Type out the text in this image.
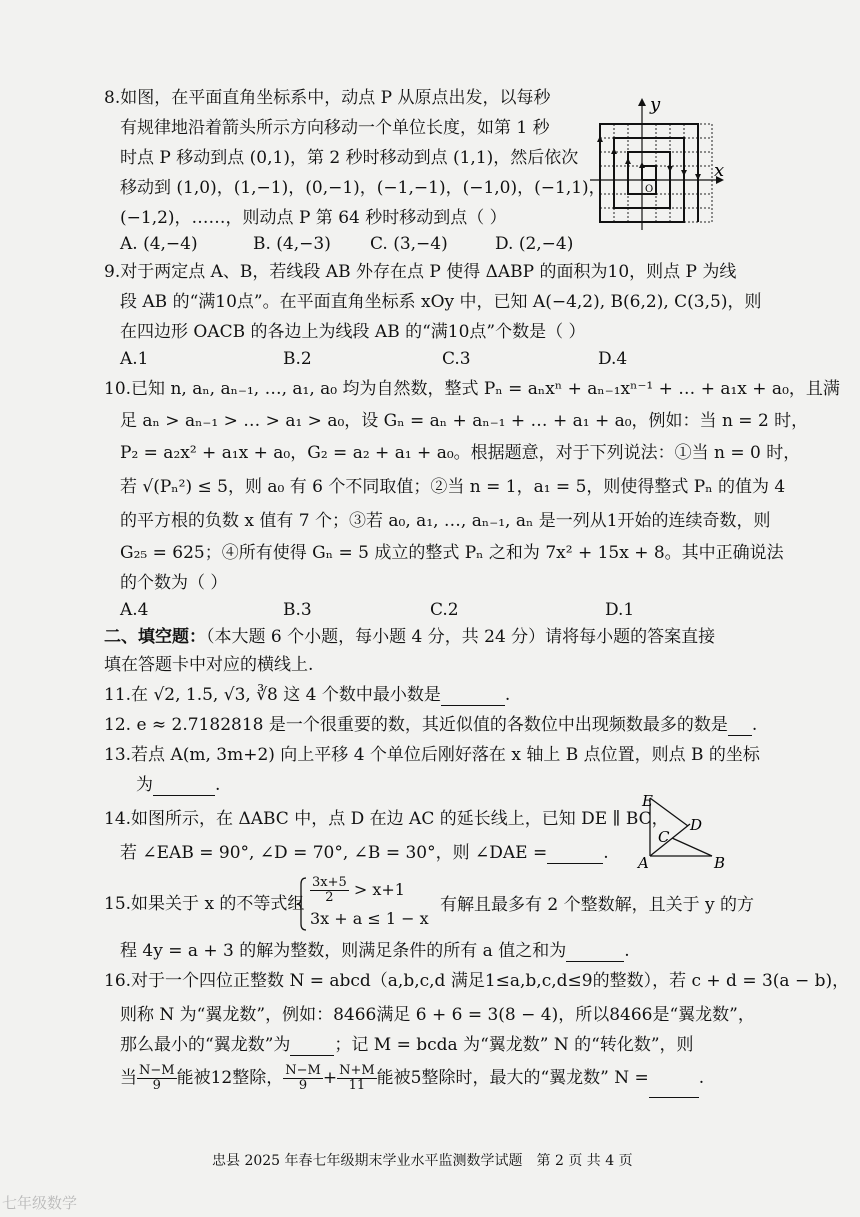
8.如图，在平面直角坐标系中，动点 P 从原点出发，以每秒
有规律地沿着箭头所示方向移动一个单位长度，如第 1 秒
时点 P 移动到点 (0,1)，第 2 秒时移动到点 (1,1)，然后依次
移动到 (1,0)，(1,−1)，(0,−1)，(−1,−1)，(−1,0)，(−1,1)，
(−1,2)，……，则动点 P 第 64 秒时移动到点（ ）
A. (4,−4)	B. (4,−3) C. (3,−4)	D. (2,−4)
y
x
O
9.对于两定点 A、B，若线段 AB 外存在点 P 使得 ΔABP 的面积为10，则点 P 为线
段 AB 的“满10点”。在平面直角坐标系 xOy 中，已知 A(−4,2), B(6,2), C(3,5)，则
在四边形 OACB 的各边上为线段 AB 的“满10点”个数是（ ）
A.1	B.2	C.3	D.4
10.已知 n, aₙ, aₙ₋₁, …, a₁, a₀ 均为自然数，整式 Pₙ = aₙxⁿ + aₙ₋₁xⁿ⁻¹ + … + a₁x + a₀，且满
足 aₙ > aₙ₋₁ > … > a₁ > a₀，设 Gₙ = aₙ + aₙ₋₁ + … + a₁ + a₀，例如：当 n = 2 时，
P₂ = a₂x² + a₁x + a₀，G₂ = a₂ + a₁ + a₀。根据题意，对于下列说法：①当 n = 0 时，
若 √(Pₙ²) ≤ 5，则 a₀ 有 6 个不同取值；②当 n = 1，a₁ = 5，则使得整式 Pₙ 的值为 4
的平方根的负数 x 值有 7 个；③若 a₀, a₁, …, aₙ₋₁, aₙ 是一列从1开始的连续奇数，则
G₂₅ = 625；④所有使得 Gₙ = 5 成立的整式 Pₙ 之和为 7x² + 15x + 8。其中正确说法
的个数为（ ）
A.4	B.3	C.2	D.1
二、填空题：（本大题 6 个小题，每小题 4 分，共 24 分）请将每小题的答案直接
填在答题卡中对应的横线上.
11.在 √2, 1.5, √3, ∛8 这 4 个数中最小数是	.
12. e ≈ 2.7182818 是一个很重要的数，其近似值的各数位中出现频数最多的数是 .
13.若点 A(m, 3m+2) 向上平移 4 个单位后刚好落在 x 轴上 B 点位置，则点 B 的坐标
为	.
14.如图所示，在 ΔABC 中，点 D 在边 AC 的延长线上，已知 DE ∥ BC，
若 ∠EAB = 90°, ∠D = 70°, ∠B = 30°，则 ∠DAE =	.
E
D
C
A	B
15.如果关于 x 的不等式组 $\frac{3x+5}{2} > x+1$
3x + a ≤ 1 − x
有解且最多有 2 个整数解，且关于 y 的方
程 4y = a + 3 的解为整数，则满足条件的所有 a 值之和为	.
16.对于一个四位正整数 N = abcd（a,b,c,d 满足1≤a,b,c,d≤9的整数），若 c + d = 3(a − b)，
则称 N 为“翼龙数”，例如：8466满足 6 + 6 = 3(8 − 4)，所以8466是“翼龙数”，
那么最小的“翼龙数”为	；记 M = bcda 为“翼龙数” N 的“转化数”，则
当 $\frac{N-M}{9}$ 能被12整除， $\frac{N-M}{9} + \frac{N+M}{11}$ 能被5整除时，最大的“翼龙数” N =	.
忠县 2025 年春七年级期末学业水平监测数学试题　第 2 页 共 4 页
七年级数学
